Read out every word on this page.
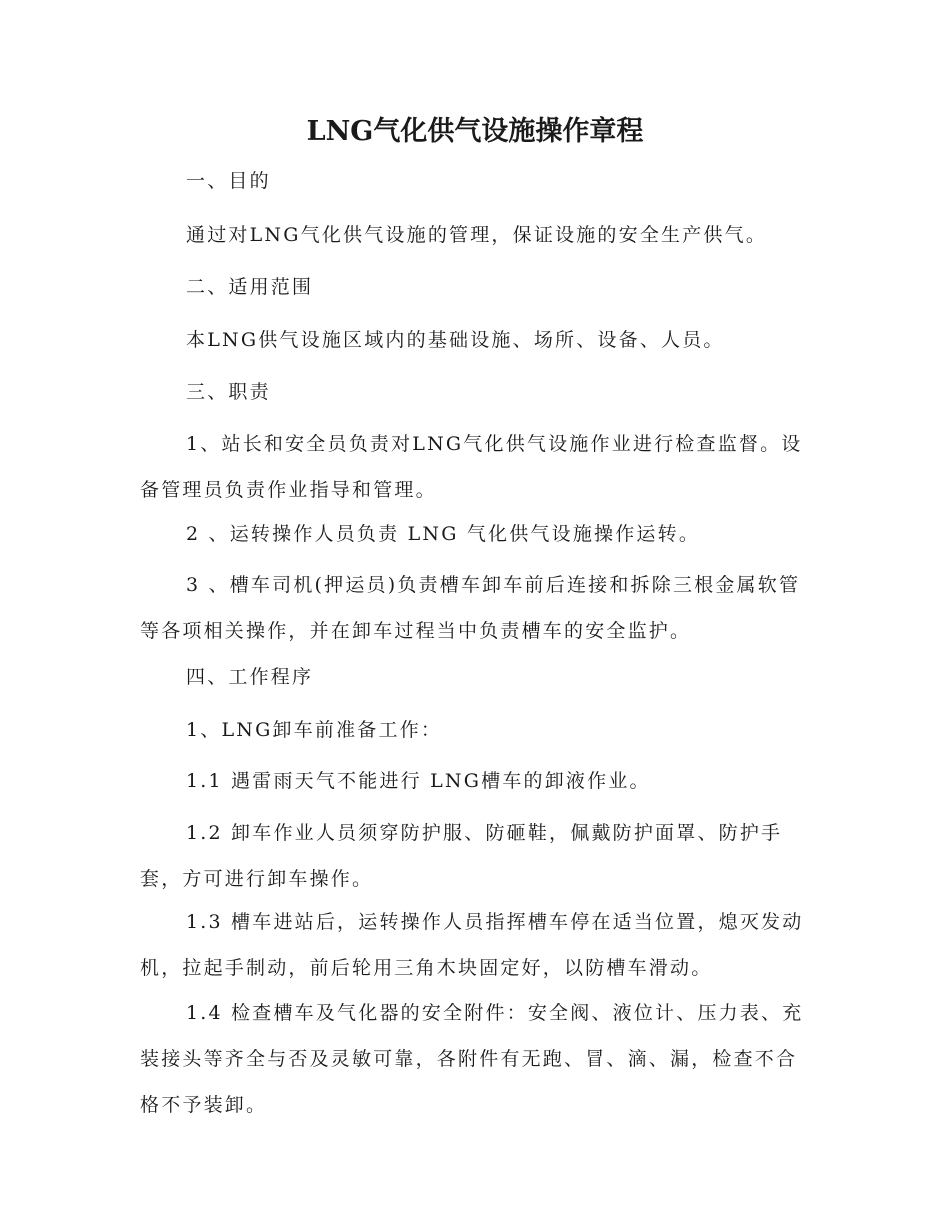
LNG气化供气设施操作章程

一、目的

通过对LNG气化供气设施的管理，保证设施的安全生产供气。

二、适用范围

本LNG供气设施区域内的基础设施、场所、设备、人员。

三、职责

1、站长和安全员负责对LNG气化供气设施作业进行检查监督。设备管理员负责作业指导和管理。

2 、运转操作人员负责 LNG 气化供气设施操作运转。

3 、槽车司机(押运员)负责槽车卸车前后连接和拆除三根金属软管等各项相关操作，并在卸车过程当中负责槽车的安全监护。

四、工作程序

1、LNG卸车前准备工作：

1.1 遇雷雨天气不能进行 LNG槽车的卸液作业。

1.2 卸车作业人员须穿防护服、防砸鞋，佩戴防护面罩、防护手套，方可进行卸车操作。

1.3 槽车进站后，运转操作人员指挥槽车停在适当位置，熄灭发动机，拉起手制动，前后轮用三角木块固定好，以防槽车滑动。

1.4 检查槽车及气化器的安全附件：安全阀、液位计、压力表、充装接头等齐全与否及灵敏可靠，各附件有无跑、冒、滴、漏，检查不合格不予装卸。
